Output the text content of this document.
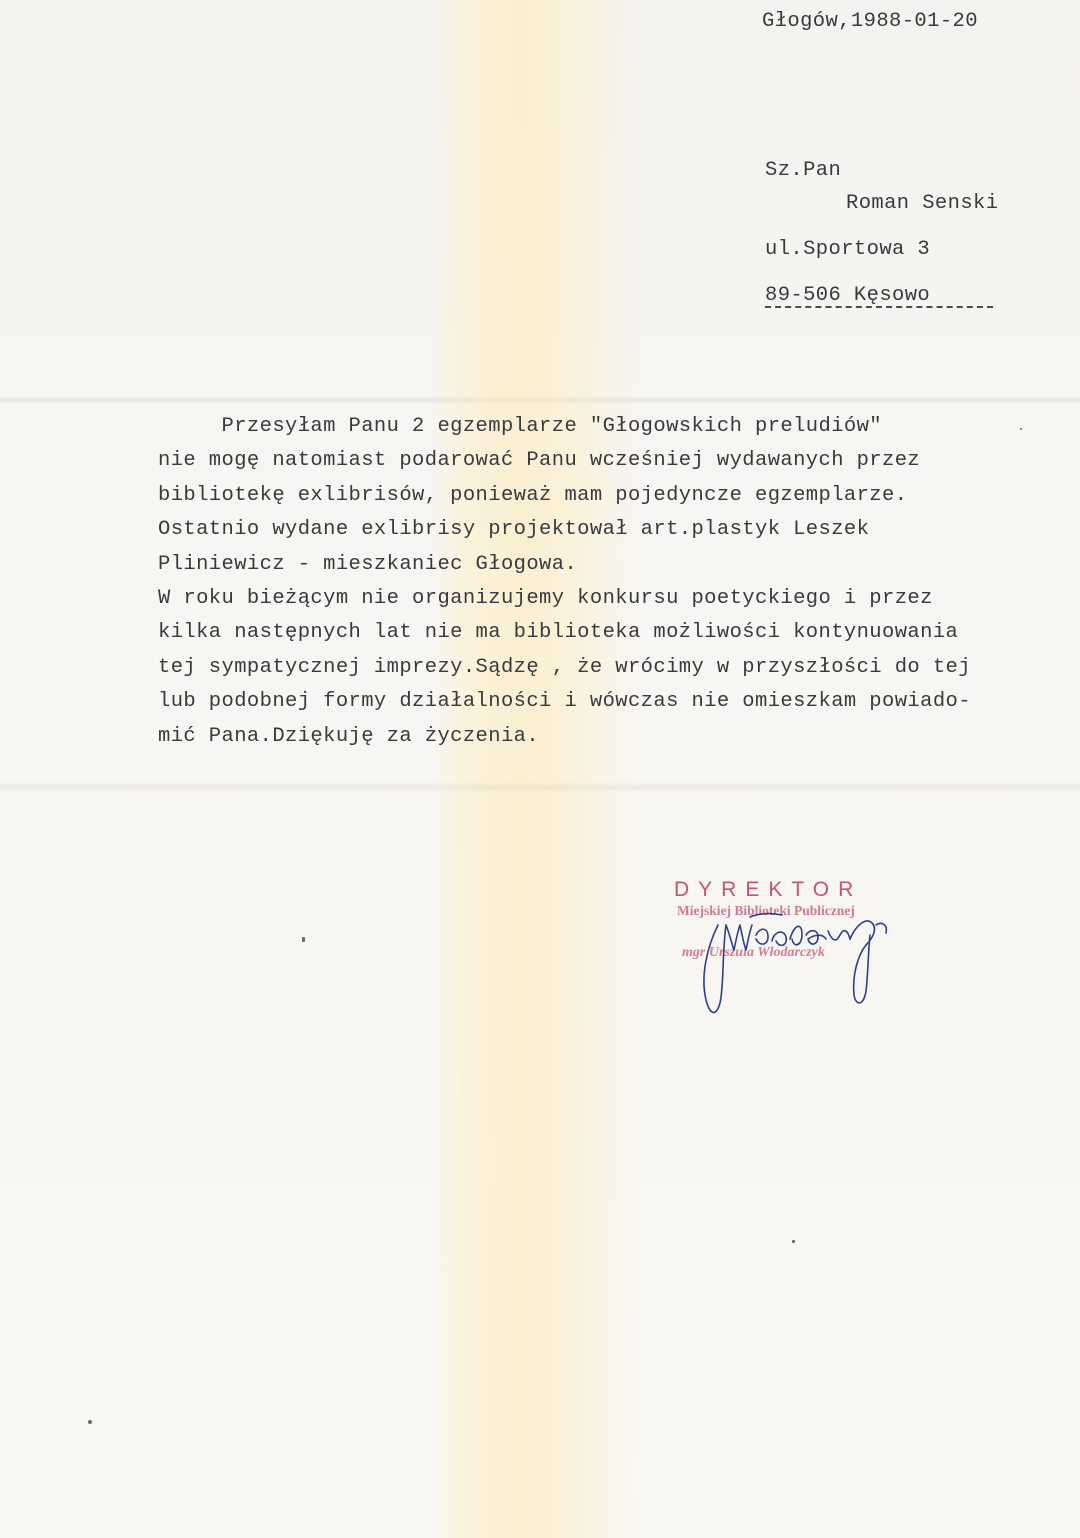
Głogów,1988-01-20
Sz.Pan
Roman Senski
ul.Sportowa 3
89-506 Kęsowo
Przesyłam Panu 2 egzemplarze "Głogowskich preludiów"
nie mogę natomiast podarować Panu wcześniej wydawanych przez
bibliotekę exlibrisów, ponieważ mam pojedyncze egzemplarze.
Ostatnio wydane exlibrisy projektował art.plastyk Leszek
Pliniewicz - mieszkaniec Głogowa.
W roku bieżącym nie organizujemy konkursu poetyckiego i przez
kilka następnych lat nie ma biblioteka możliwości kontynuowania
tej sympatycznej imprezy.Sądzę , że wrócimy w przyszłości do tej
lub podobnej formy działalności i wówczas nie omieszkam powiado-
mić Pana.Dziękuję za życzenia.
DYREKTOR
Miejskiej Biblioteki Publicznej
mgr Urszula Włodarczyk
